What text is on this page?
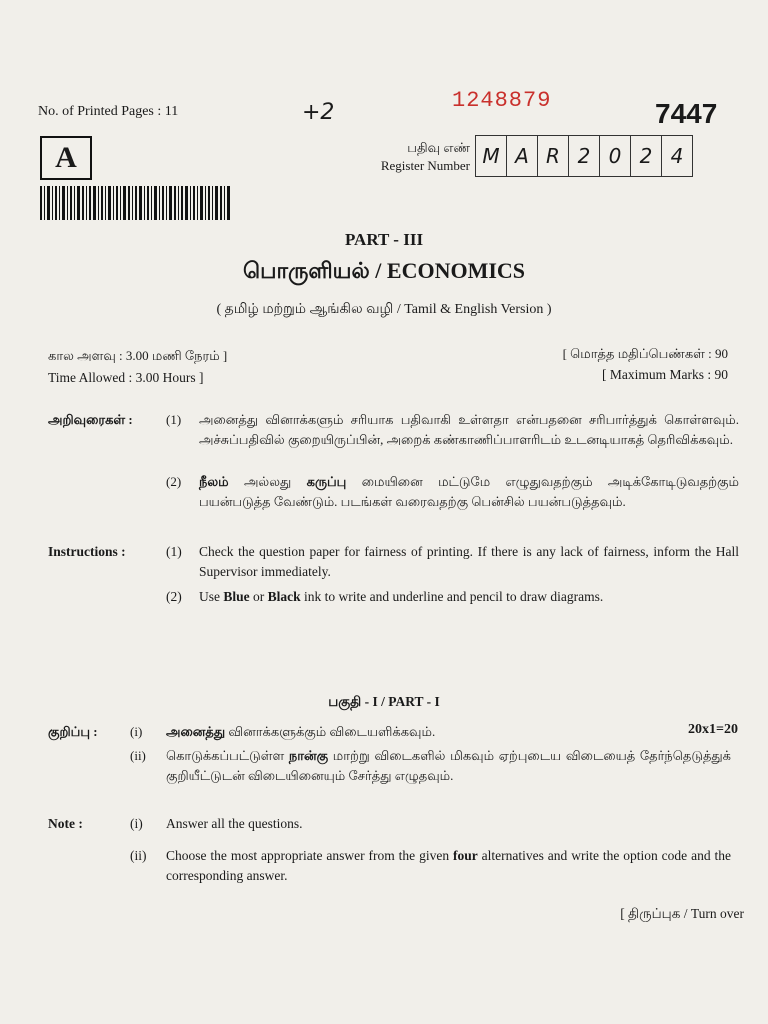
No. of Printed Pages : 11	+2	1248879	7447
A	பதிவு எண்
Register Number M A R 2 0 2 4
PART - III
பொருளியல் / ECONOMICS
( தமிழ் மற்றும் ஆங்கில வழி / Tamil & English Version )
கால அளவு : 3.00 மணி நேரம் ]
Time Allowed : 3.00 Hours ]
[ மொத்த மதிப்பெண்கள் : 90
[ Maximum Marks : 90
அறிவுரைகள் :	(1) அனைத்து வினாக்களும் சரியாக பதிவாகி உள்ளதா என்பதனை சரிபார்த்துக் கொள்ளவும். அச்சுப்பதிவில் குறையிருப்பின், அறைக் கண்காணிப்பாளரிடம் உடனடியாகத் தெரிவிக்கவும்.
(2) நீலம் அல்லது கருப்பு மையினை மட்டுமே எழுதுவதற்கும் அடிக்கோடிடுவதற்கும் பயன்படுத்த வேண்டும். படங்கள் வரைவதற்கு பென்சில் பயன்படுத்தவும்.
Instructions :	(1) Check the question paper for fairness of printing. If there is any lack of fairness, inform the Hall Supervisor immediately.
(2) Use Blue or Black ink to write and underline and pencil to draw diagrams.
பகுதி - I / PART - I
20x1=20
குறிப்பு : (i) அனைத்து வினாக்களுக்கும் விடையளிக்கவும்.
(ii) கொடுக்கப்பட்டுள்ள நான்கு மாற்று விடைகளில் மிகவும் ஏற்புடைய விடையைத் தேர்ந்தெடுத்துக் குறியீட்டுடன் விடையினையும் சேர்த்து எழுதவும்.
Note :	(i) Answer all the questions.
(ii) Choose the most appropriate answer from the given four alternatives and write the option code and the corresponding answer.
[ திருப்புக / Turn over
